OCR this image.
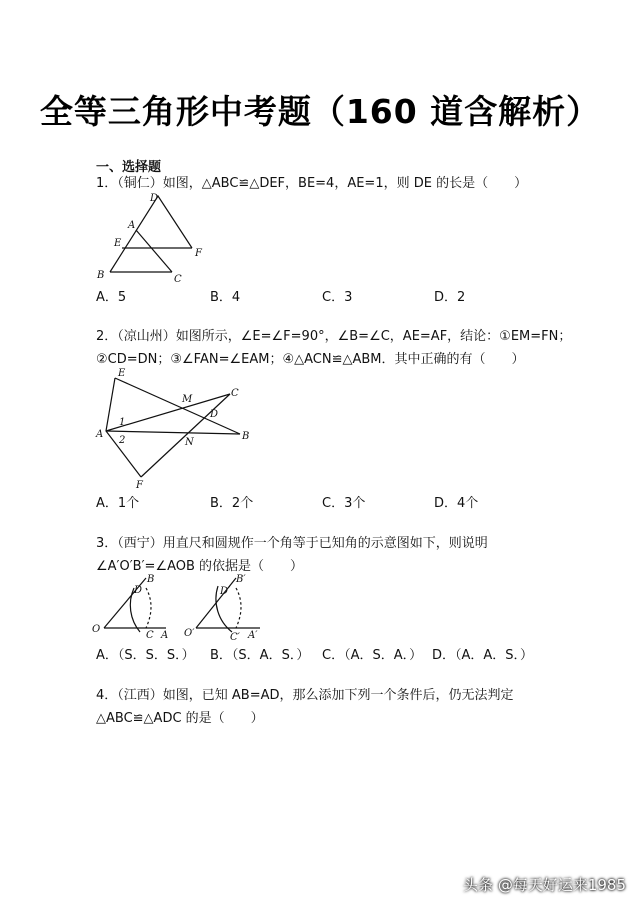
全等三角形中考题（160 道含解析）
一、选择题
1．（铜仁）如图，△ABC≌△DEF，BE=4，AE=1，则 DE 的长是（　　）
D
A
E
F
B	C
A．5	B．4	C．3	D．2
2．（凉山州）如图所示，∠E=∠F=90°，∠B=∠C，AE=AF，结论：①EM=FN；
②CD=DN；③∠FAN=∠EAM；④△ACN≌△ABM．其中正确的有（　　）
E
C
M
D
1
A
2	N
B
F
A．1个	B．2个	C．3个	D．4个
3．（西宁）用直尺和圆规作一个角等于已知角的示意图如下，则说明
∠A′O′B′=∠AOB 的依据是（　　）
O
B
D
C A O′
B′
D′
C′ A′
A．（S．S．S．） B．（S．A．S．） C．（A．S．A．） D．（A．A．S．）
4．（江西）如图，已知 AB=AD，那么添加下列一个条件后，仍无法判定
△ABC≌△ADC 的是（　　）
头条 @每天好运来1985
